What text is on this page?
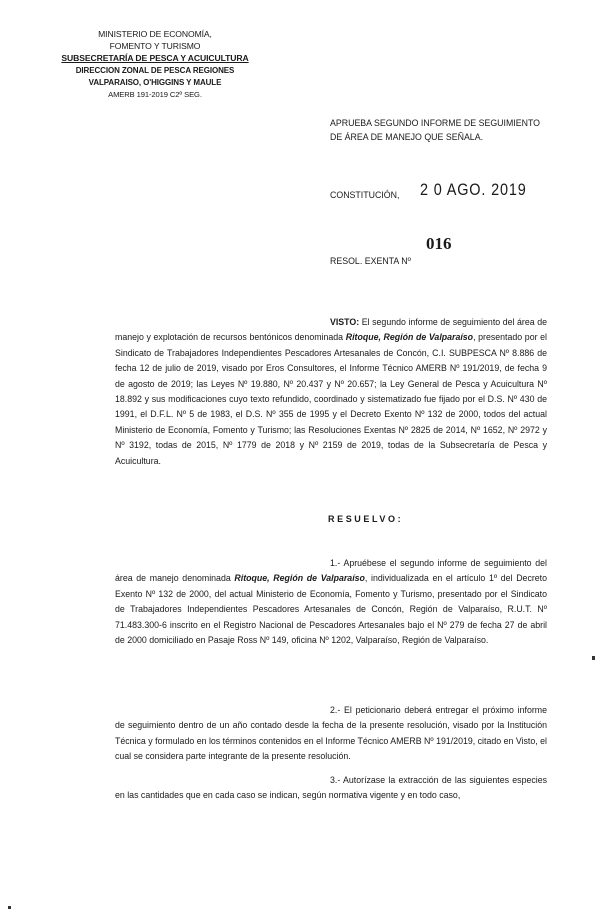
MINISTERIO DE ECONOMÍA,
FOMENTO Y TURISMO
SUBSECRETARÍA DE PESCA Y ACUICULTURA
DIRECCION ZONAL DE PESCA REGIONES
VALPARAISO, O'HIGGINS Y MAULE
AMERB 191-2019 C2º SEG.
APRUEBA SEGUNDO INFORME DE SEGUIMIENTO
DE ÁREA DE MANEJO QUE SEÑALA.
CONSTITUCIÓN, 2 0 AGO. 2019
016
RESOL. EXENTA Nº
VISTO: El segundo informe de seguimiento del área de manejo y explotación de recursos bentónicos denominada Ritoque, Región de Valparaíso, presentado por el Sindicato de Trabajadores Independientes Pescadores Artesanales de Concón, C.I. SUBPESCA Nº 8.886 de fecha 12 de julio de 2019, visado por Eros Consultores, el Informe Técnico AMERB Nº 191/2019, de fecha 9 de agosto de 2019; las Leyes Nº 19.880, Nº 20.437 y Nº 20.657; la Ley General de Pesca y Acuicultura Nº 18.892 y sus modificaciones cuyo texto refundido, coordinado y sistematizado fue fijado por el D.S. Nº 430 de 1991, el D.F.L. Nº 5 de 1983, el D.S. Nº 355 de 1995 y el Decreto Exento Nº 132 de 2000, todos del actual Ministerio de Economía, Fomento y Turismo; las Resoluciones Exentas Nº 2825 de 2014, Nº 1652, Nº 2972 y Nº 3192, todas de 2015, Nº 1779 de 2018 y Nº 2159 de 2019, todas de la Subsecretaría de Pesca y Acuicultura.
RESUELVO:
1.- Apruébese el segundo informe de seguimiento del área de manejo denominada Ritoque, Región de Valparaíso, individualizada en el artículo 1º del Decreto Exento Nº 132 de 2000, del actual Ministerio de Economía, Fomento y Turismo, presentado por el Sindicato de Trabajadores Independientes Pescadores Artesanales de Concón, Región de Valparaíso, R.U.T. Nº 71.483.300-6 inscrito en el Registro Nacional de Pescadores Artesanales bajo el Nº 279 de fecha 27 de abril de 2000 domiciliado en Pasaje Ross Nº 149, oficina Nº 1202, Valparaíso, Región de Valparaíso.
2.- El peticionario deberá entregar el próximo informe de seguimiento dentro de un año contado desde la fecha de la presente resolución, visado por la Institución Técnica y formulado en los términos contenidos en el Informe Técnico AMERB Nº 191/2019, citado en Visto, el cual se considera parte integrante de la presente resolución.
3.- Autorízase la extracción de las siguientes especies en las cantidades que en cada caso se indican, según normativa vigente y en todo caso,
